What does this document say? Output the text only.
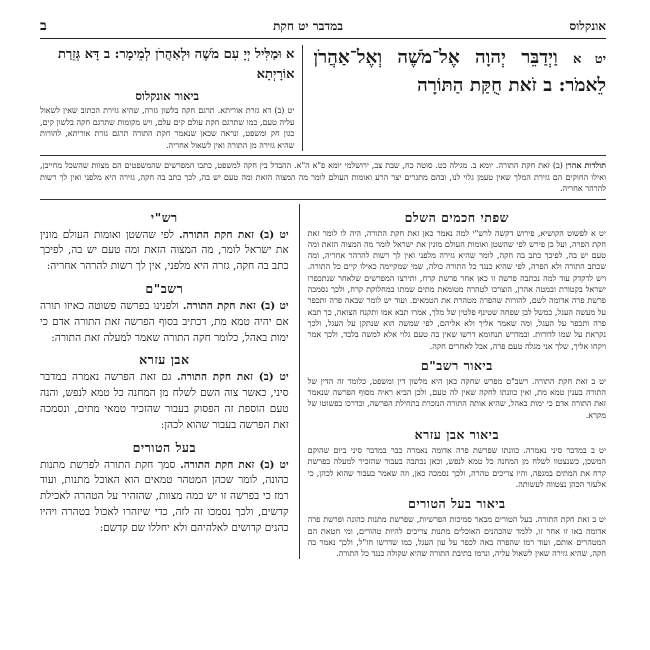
אונקלוס
במדבר יט חקת
ב
יט א וַיְדַבֵּר יְהוָה אֶל־מֹשֶׁה וְאֶל־אַהֲרֹן לֵאמֹר: ב זֹאת חֻקַּת הַתּוֹרָה
א וּמַלִּיל יְיָ עִם מֹשֶׁה וּלְאַהֲרֹן לְמֵימָר: ב דָּא גְּזֵרַת אוֹרָיְתָא
ביאור אונקלוס
יט (ב) דא גזרת אוריתא. תרגם חקה בלשון גזרה, שהיא גזירת הכתוב שאין לשאול עליה טעם, כמו שתרגם חקת עולם קים עלם, ויש מקומות שתרגם חקה בלשון קים, כגון חק ומשפט, ונראה שכאן שנאמר חקת התורה תרגם גזרת אוריתא, להורות שהיא גזירה מן התורה ואין לשאול אחריה.
תולדות אהרן (ב) זאת חקת התורה. יומא ב. מגילה כט. סוטה כח, שבת צב, ירושלמי יומא פ"א ה"א. ההבדל בין חקה למשפט, כתבו המפרשים שהמשפטים הם מצוות שהשכל מחייבן, ואילו החוקים הם גזירת המלך שאין טעמן גלוי לנו, ובהם מתגרים יצר הרע ואומות העולם לומר מה המצוה הזאת ומה טעם יש בה, לכך כתב בה חקה, גזירה היא מלפני ואין לך רשות להרהר אחריה.
שפתי חכמים השלם
יט א לפשוט הקושיא, פירוש דקשה לרש"י למה נאמר כאן זאת חקת התורה, היה לו לומר זאת חקת הפרה, ועל כן פירש לפי שהשטן ואומות העולם מונין את ישראל לומר מה המצוה הזאת ומה טעם יש בה, לפיכך כתב בה חקה, לומר שהיא גזירה מלפני ואין לך רשות להרהר אחריה, ומה שכתב התורה ולא הפרה, לפי שהיא כנגד כל התורה כולה, שמי שמקיימה כאילו קיים כל התורה. ויש לדקדק עוד למה נכתבה פרשה זו כאן אחר פרשת קרח, ותירצו המפרשים שלאחר שנתכפרו ישראל בקטורת ובמטה אהרן, הוצרכו לטהרה מטומאת מתים שמתו במחלוקת קרח, ולכך נסמכה פרשת פרה אדומה לשם, להורות שהפרה מטהרת את הטמאים. ועוד יש לומר שבאה פרה ותכפר על מעשה העגל, כמשל לבן שפחה שטינף פלטין של מלך, אמרו תבא אמו ותקנח הצואה, כך תבא פרה ותכפר על העגל, ומה שאמר אליך ולא אליהם, לפי שמשה הוא שנתקן על העגל, ולכך נקראת על שמו לדורות. ובמדרש תנחומא דרשו שאין בה טעם גלוי אלא למשה בלבד, ולכך אמר ויקחו אליך, שלך אני מגלה טעם פרה, אבל לאחרים חקה.
ביאור רשב"ם
יט ב זאת חקת התורה. רשב"ם מפרש שחקה כאן היא מלשון דין ומשפט, כלומר זה הדין של התורה בענין טמא מת, ואין כוונתו לחקה שאין לה טעם, ולכן הביא ראיה מסוף הפרשה שנאמר זאת התורה אדם כי ימות באהל, שהיא אותה התורה הנזכרת בתחילת הפרשה, וכדרכו בפשוטו של מקרא.
ביאור אבן עזרא
יט ב במדבר סיני נאמרה. כוונתו שפרשת פרה אדומה נאמרה כבר במדבר סיני ביום שהוקם המשכן, כשנצטוו לשלח מן המחנה כל טמא לנפש, וכאן נכתבה בעבור שהזכיר למעלה בפרשת קרח את המתים במגפה, והיו צריכים טהרה, ולכך נסמכה כאן, וזה שאמר בעבור שהוא לכהן, כי אלעזר הכהן נצטווה לעשותה.
ביאור בעל הטורים
יט ב זאת חקת התורה. בעל הטורים מבאר סמיכות הפרשיות, שפרשת מתנות כהונה ופרשת פרה אדומה באו זו אחר זו, ללמד שהכהנים האוכלים מתנות צריכים להיות טהורים, ומי חטאת הם המטהרים אותם, ועוד רמז שהפרה באה לכפר על עון העגל, כמו שדרשו חז"ל, ולכך נאמר בה חקה, שהיא גזירה שאין לשאול עליה, ונרמז בתיבת התורה שהיא שקולה כנגד כל התורה.
רש"י
יט (ב) זאת חקת התורה. לפי שהשטן ואומות העולם מונין את ישראל לומר, מה המצוה הזאת ומה טעם יש בה, לפיכך כתב בה חקה, גזרה היא מלפני, אין לך רשות להרהר אחריה:
רשב"ם
יט (ב) זאת חקת התורה. ולפנינו בפרשה פשוטה כאיזו תורה אם יהיה טמא מת, דכתיב בסוף הפרשה זאת התורה אדם כי ימות באהל, כלומר חקה התורה שאמר למעלה זאת התורה:
אבן עזרא
יט (ב) זאת חקת התורה. גם זאת הפרשה נאמרה במדבר סיני, כאשר צוה השם לשלח מן המחנה כל טמא לנפש, והנה טעם הוספת זה הפסוק בעבור שהזכיר טמאי מתים, ונסמכה זאת הפרשה בעבור שהוא לכהן:
בעל הטורים
יט (ב) זאת חקת התורה. סמך חקת התורה לפרשת מתנות כהונה, לומר שכהן המטהר טמאים הוא האוכל מתנות, ועוד רמז כי בפרשה זו יש כמה מצוות, שהזהיר על הטהרה לאכילת קדשים, ולכך נסמכו זה לזה, כדי שיזהרו לאכול בטהרה ויהיו כהנים קדושים לאלהיהם ולא יחללו שם קדשם:
